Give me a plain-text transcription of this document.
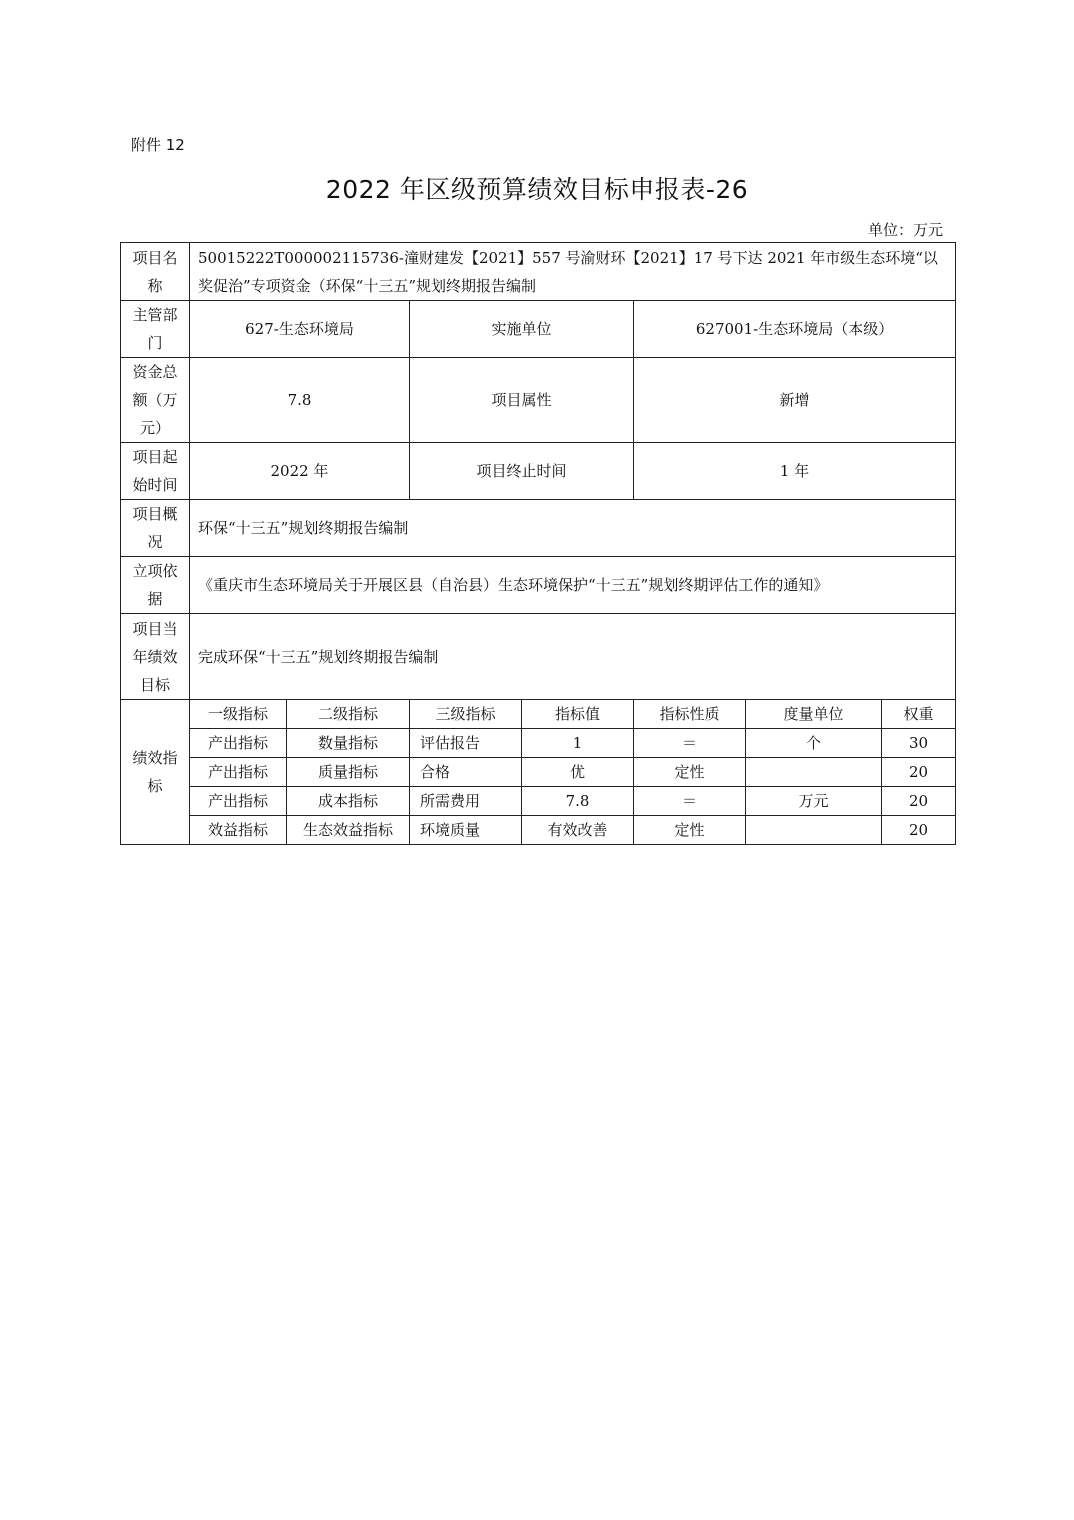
附件 12
2022 年区级预算绩效目标申报表-26
单位：万元
项目名称	50015222T000002115736-潼财建发【2021】557 号渝财环【2021】17 号下达 2021 年市级生态环境“以奖促治”专项资金（环保“十三五”规划终期报告编制						
主管部门	627-生态环境局		实施单位		627001-生态环境局（本级）		
资金总额（万元）	7.8		项目属性		新增		
项目起始时间	2022 年		项目终止时间		1 年		
项目概况	环保“十三五”规划终期报告编制						
立项依据	《重庆市生态环境局关于开展区县（自治县）生态环境保护“十三五”规划终期评估工作的通知》						
项目当年绩效目标	完成环保“十三五”规划终期报告编制						
绩效指标	一级指标	二级指标	三级指标	指标值	指标性质	度量单位	权重
	产出指标	数量指标	评估报告	1	＝	个	30
	产出指标	质量指标	合格	优	定性		20
	产出指标	成本指标	所需费用	7.8	＝	万元	20
	效益指标	生态效益指标	环境质量	有效改善	定性		20
